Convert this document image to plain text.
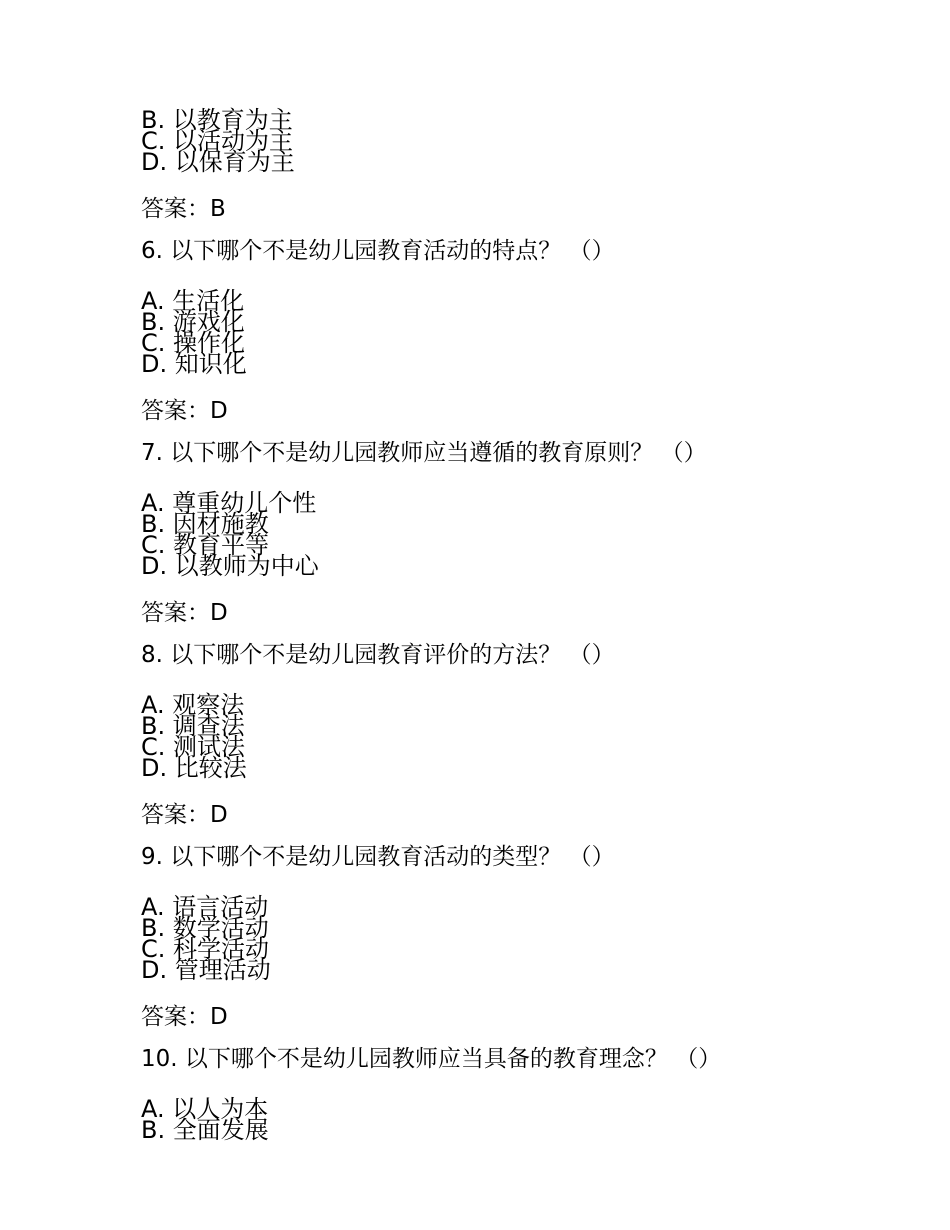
B. 以教育为主
C. 以活动为主
D. 以保育为主
答案：B
6. 以下哪个不是幼儿园教育活动的特点？ （）
A. 生活化
B. 游戏化
C. 操作化
D. 知识化
答案：D
7. 以下哪个不是幼儿园教师应当遵循的教育原则？ （）
A. 尊重幼儿个性
B. 因材施教
C. 教育平等
D. 以教师为中心
答案：D
8. 以下哪个不是幼儿园教育评价的方法？ （）
A. 观察法
B. 调查法
C. 测试法
D. 比较法
答案：D
9. 以下哪个不是幼儿园教育活动的类型？ （）
A. 语言活动
B. 数学活动
C. 科学活动
D. 管理活动
答案：D
10. 以下哪个不是幼儿园教师应当具备的教育理念？ （）
A. 以人为本
B. 全面发展
